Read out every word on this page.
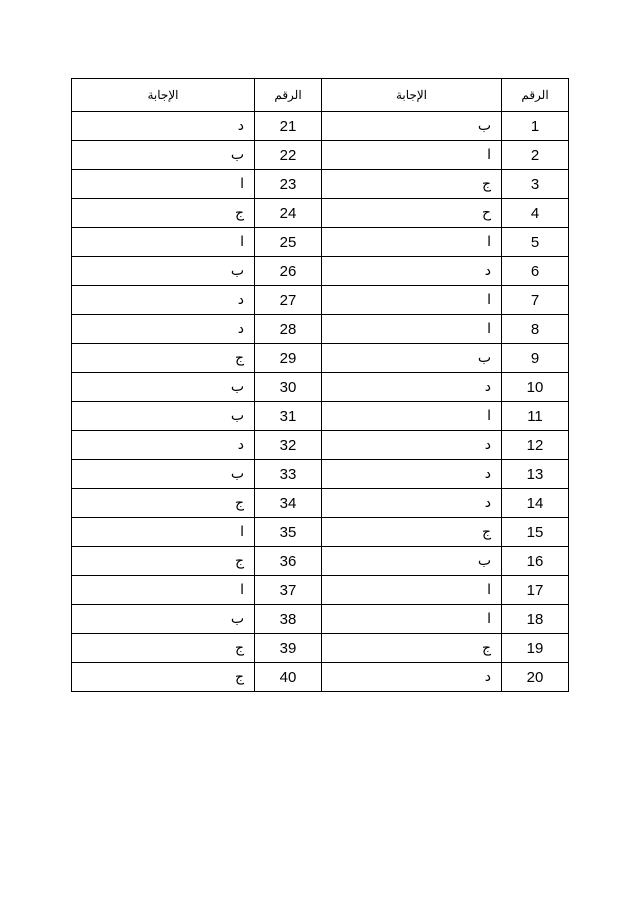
الرقم	الإجابة	الرقم	الإجابة
1	ب	21	د
2	ا	22	ب
3	ج	23	ا
4	ح	24	ج
5	ا	25	ا
6	د	26	ب
7	ا	27	د
8	ا	28	د
9	ب	29	ج
10	د	30	ب
11	ا	31	ب
12	د	32	د
13	د	33	ب
14	د	34	ج
15	ج	35	ا
16	ب	36	ج
17	ا	37	ا
18	ا	38	ب
19	ج	39	ج
20	د	40	ج
